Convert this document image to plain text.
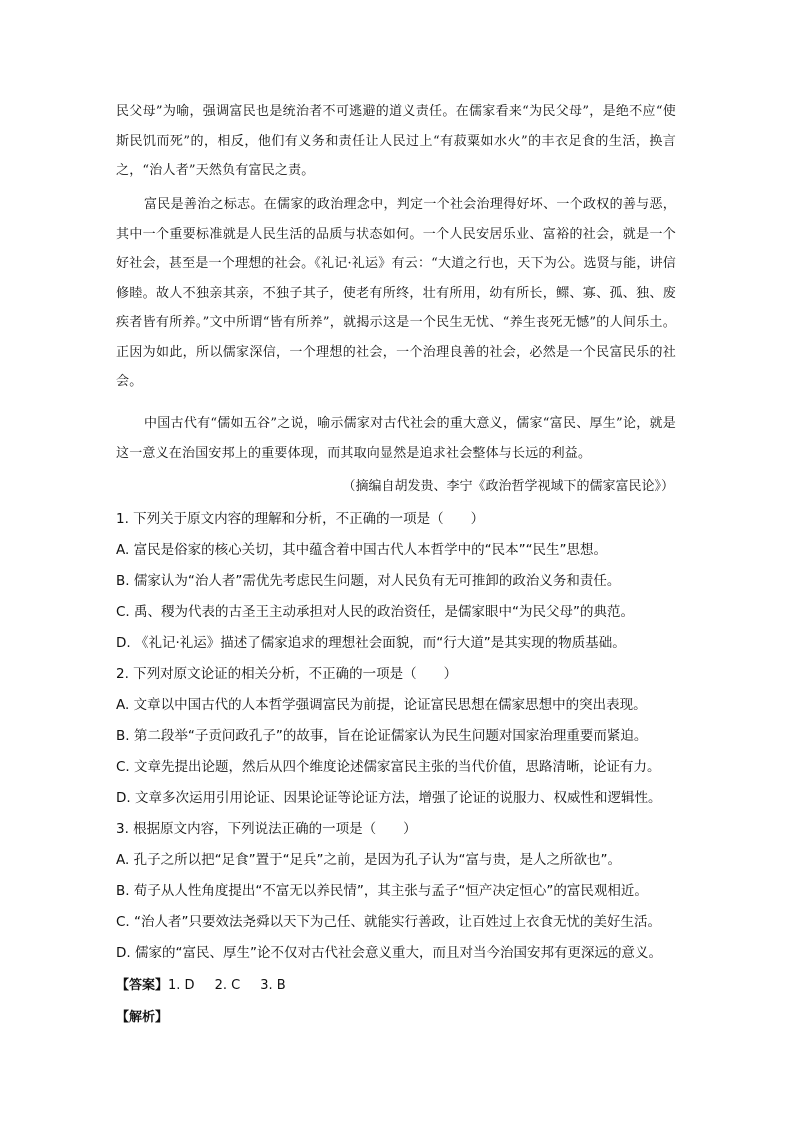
民父母”为喻，强调富民也是统治者不可逃避的道义责任。在儒家看来“为民父母”，是绝不应“使斯民饥而死”的，相反，他们有义务和责任让人民过上“有菽粟如水火”的丰衣足食的生活，换言之，“治人者”天然负有富民之责。
富民是善治之标志。在儒家的政治理念中，判定一个社会治理得好坏、一个政权的善与恶，其中一个重要标准就是人民生活的品质与状态如何。一个人民安居乐业、富裕的社会，就是一个好社会，甚至是一个理想的社会。《礼记·礼运》有云：“大道之行也，天下为公。选贤与能，讲信修睦。故人不独亲其亲，不独子其子，使老有所终，壮有所用，幼有所长，鳏、寡、孤、独、废疾者皆有所养。”文中所谓“皆有所养”，就揭示这是一个民生无忧、“养生丧死无憾”的人间乐土。正因为如此，所以儒家深信，一个理想的社会，一个治理良善的社会，必然是一个民富民乐的社会。
中国古代有“儒如五谷”之说，喻示儒家对古代社会的重大意义，儒家“富民、厚生”论，就是这一意义在治国安邦上的重要体现，而其取向显然是追求社会整体与长远的利益。
（摘编自胡发贵、李宁《政治哲学视域下的儒家富民论》）
1. 下列关于原文内容的理解和分析，不正确的一项是（　　）
A. 富民是俗家的核心关切，其中蕴含着中国古代人本哲学中的“民本”“民生”思想。
B. 儒家认为“治人者”需优先考虑民生问题，对人民负有无可推卸的政治义务和责任。
C. 禹、稷为代表的古圣王主动承担对人民的政治资任，是儒家眼中“为民父母”的典范。
D. 《礼记·礼运》描述了儒家追求的理想社会面貌，而“行大道”是其实现的物质基础。
2. 下列对原文论证的相关分析，不正确的一项是（　　）
A. 文章以中国古代的人本哲学强调富民为前提，论证富民思想在儒家思想中的突出表现。
B. 第二段举“子贡问政孔子”的故事，旨在论证儒家认为民生问题对国家治理重要而紧迫。
C. 文章先提出论题，然后从四个维度论述儒家富民主张的当代价值，思路清晰，论证有力。
D. 文章多次运用引用论证、因果论证等论证方法，增强了论证的说服力、权威性和逻辑性。
3. 根据原文内容，下列说法正确的一项是（　　）
A. 孔子之所以把“足食”置于“足兵”之前，是因为孔子认为“富与贵，是人之所欲也”。
B. 荀子从人性角度提出“不富无以养民情”，其主张与孟子“恒产决定恒心”的富民观相近。
C. “治人者”只要效法尧舜以天下为己任、就能实行善政，让百姓过上衣食无忧的美好生活。
D. 儒家的“富民、厚生”论不仅对古代社会意义重大，而且对当今治国安邦有更深远的意义。
【答案】1. D 2. C 3. B
【解析】
